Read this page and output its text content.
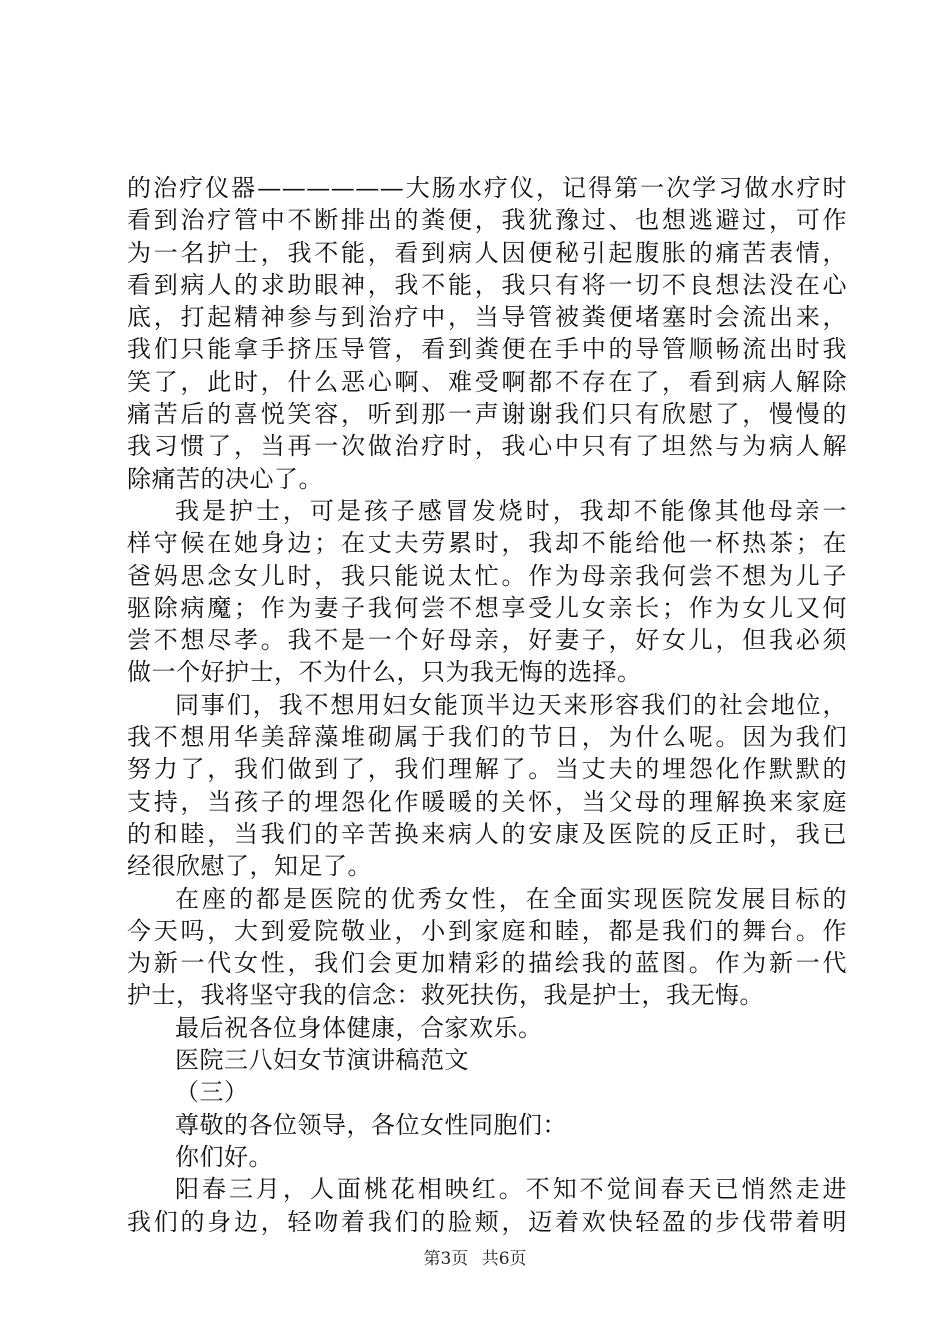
的治疗仪器——————大肠水疗仪，记得第一次学习做水疗时
看到治疗管中不断排出的粪便，我犹豫过、也想逃避过，可作
为一名护士，我不能，看到病人因便秘引起腹胀的痛苦表情，
看到病人的求助眼神，我不能，我只有将一切不良想法没在心
底，打起精神参与到治疗中，当导管被粪便堵塞时会流出来，
我们只能拿手挤压导管，看到粪便在手中的导管顺畅流出时我
笑了，此时，什么恶心啊、难受啊都不存在了，看到病人解除
痛苦后的喜悦笑容，听到那一声谢谢我们只有欣慰了，慢慢的
我习惯了，当再一次做治疗时，我心中只有了坦然与为病人解
除痛苦的决心了。
我是护士，可是孩子感冒发烧时，我却不能像其他母亲一
样守候在她身边；在丈夫劳累时，我却不能给他一杯热茶；在
爸妈思念女儿时，我只能说太忙。作为母亲我何尝不想为儿子
驱除病魔；作为妻子我何尝不想享受儿女亲长；作为女儿又何
尝不想尽孝。我不是一个好母亲，好妻子，好女儿，但我必须
做一个好护士，不为什么，只为我无悔的选择。
同事们，我不想用妇女能顶半边天来形容我们的社会地位，
我不想用华美辞藻堆砌属于我们的节日，为什么呢。因为我们
努力了，我们做到了，我们理解了。当丈夫的埋怨化作默默的
支持，当孩子的埋怨化作暖暖的关怀，当父母的理解换来家庭
的和睦，当我们的辛苦换来病人的安康及医院的反正时，我已
经很欣慰了，知足了。
在座的都是医院的优秀女性，在全面实现医院发展目标的
今天吗，大到爱院敬业，小到家庭和睦，都是我们的舞台。作
为新一代女性，我们会更加精彩的描绘我的蓝图。作为新一代
护士，我将坚守我的信念：救死扶伤，我是护士，我无悔。
最后祝各位身体健康，合家欢乐。
医院三八妇女节演讲稿范文
（三）
尊敬的各位领导，各位女性同胞们：
你们好。
阳春三月，人面桃花相映红。不知不觉间春天已悄然走进
我们的身边，轻吻着我们的脸颊，迈着欢快轻盈的步伐带着明
第3页 共6页
